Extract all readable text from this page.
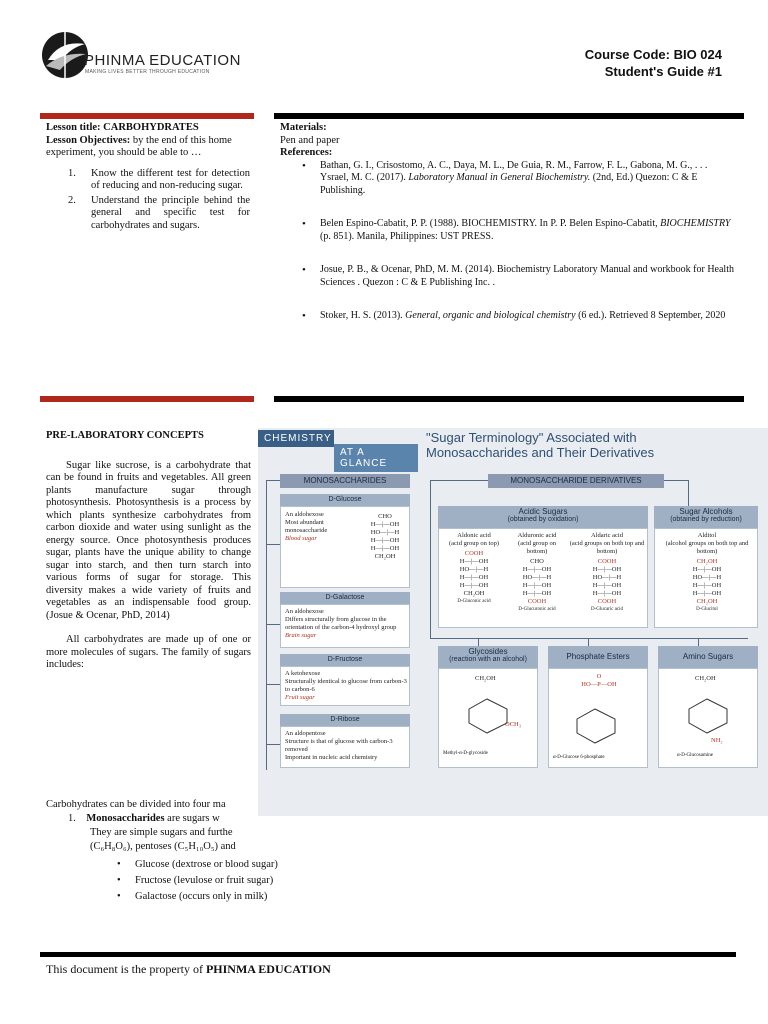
PHINMA EDUCATION
MAKING LIVES BETTER THROUGH EDUCATION
Course Code: BIO 024
Student's Guide #1
Lesson title: CARBOHYDRATES
Lesson Objectives: by the end of this home experiment, you should be able to …
1. Know the different test for detection of reducing and non-reducing sugar.
2. Understand the principle behind the general and specific test for carbohydrates and sugars.
Materials:
Pen and paper
References:
• Bathan, G. I., Crisostomo, A. C., Daya, M. L., De Guia, R. M., Farrow, F. L., Gabona, M. G., . . . Ysrael, M. C. (2017). Laboratory Manual in General Biochemistry. (2nd, Ed.) Quezon: C & E Publishing.
• Belen Espino-Cabatit, P. P. (1988). BIOCHEMISTRY. In P. P. Belen Espino-Cabatit, BIOCHEMISTRY (p. 851). Manila, Philippines: UST PRESS.
• Josue, P. B., & Ocenar, PhD, M. M. (2014). Biochemistry Laboratory Manual and workbook for Health Sciences . Quezon : C & E Publishing Inc. .
• Stoker, H. S. (2013). General, organic and biological chemistry (6 ed.). Retrieved 8 September, 2020
PRE-LABORATORY CONCEPTS
Sugar like sucrose, is a carbohydrate that can be found in fruits and vegetables. All green plants manufacture sugar through photosynthesis. Photosynthesis is a process by which plants synthesize carbohydrates from carbon dioxide and water using sunlight as the energy source. Once photosynthesis produces sugar, plants have the unique ability to change sugar into starch, and then turn starch into various forms of sugar for storage. This diversity makes a wide variety of fruits and vegetables as an indispensable food group. (Josue & Ocenar, PhD, 2014)
All carbohydrates are made up of one or more molecules of sugars. The family of sugars includes:
Carbohydrates can be divided into four ma
1. Monosaccharides are sugars w
They are simple sugars and furthe
(C₆H₈O₆), pentoses (C₅H₁₀O₅) and
• Glucose (dextrose or blood sugar)
• Fructose (levulose or fruit sugar)
• Galactose (occurs only in milk)
CHEMISTRY
AT A GLANCE
"Sugar Terminology" Associated with Monosaccharides and Their Derivatives
MONOSACCHARIDES
D-Glucose
An aldohexose
Most abundant monosaccharide
Blood sugar
CHO
H—|—OH
HO—|—H
H—|—OH
H—|—OH
CH₂OH
D-Galactose
An aldohexose
Differs structurally from glucose in the orientation of the carbon-4 hydroxyl group
Brain sugar
D-Fructose
A ketohexose
Structurally identical to glucose from carbon-3 to carbon-6
Fruit sugar
D-Ribose
An aldopentose
Structure is that of glucose with carbon-3 removed
Important in nucleic acid chemistry
MONOSACCHARIDE DERIVATIVES
Acidic Sugars
(obtained by oxidation)
Aldonic acid
(acid group on top)
COOH
H—|—OH
HO—|—H
H—|—OH
H—|—OH
CH₂OH
D-Gluconic acid
Alduronic acid
(acid group on bottom)
CHO
H—|—OH
HO—|—H
H—|—OH
H—|—OH
COOH
D-Glucuronic acid
Aldaric acid
(acid groups on both top and bottom)
COOH
H—|—OH
HO—|—H
H—|—OH
H—|—OH
COOH
D-Glucaric acid
Sugar Alcohols
(obtained by reduction)
Alditol
(alcohol groups on both top and bottom)
CH₂OH
H—|—OH
HO—|—H
H—|—OH
H—|—OH
CH₂OH
D-Glucitol
Glycosides
(reaction with an alcohol)
CH₂OH
OCH₃
Methyl-α-D-glycoside
Phosphate Esters
O
HO—P—OH
α-D-Glucose 6-phosphate
Amino Sugars
CH₂OH
NH₂
α-D-Glucosamine
This document is the property of PHINMA EDUCATION
